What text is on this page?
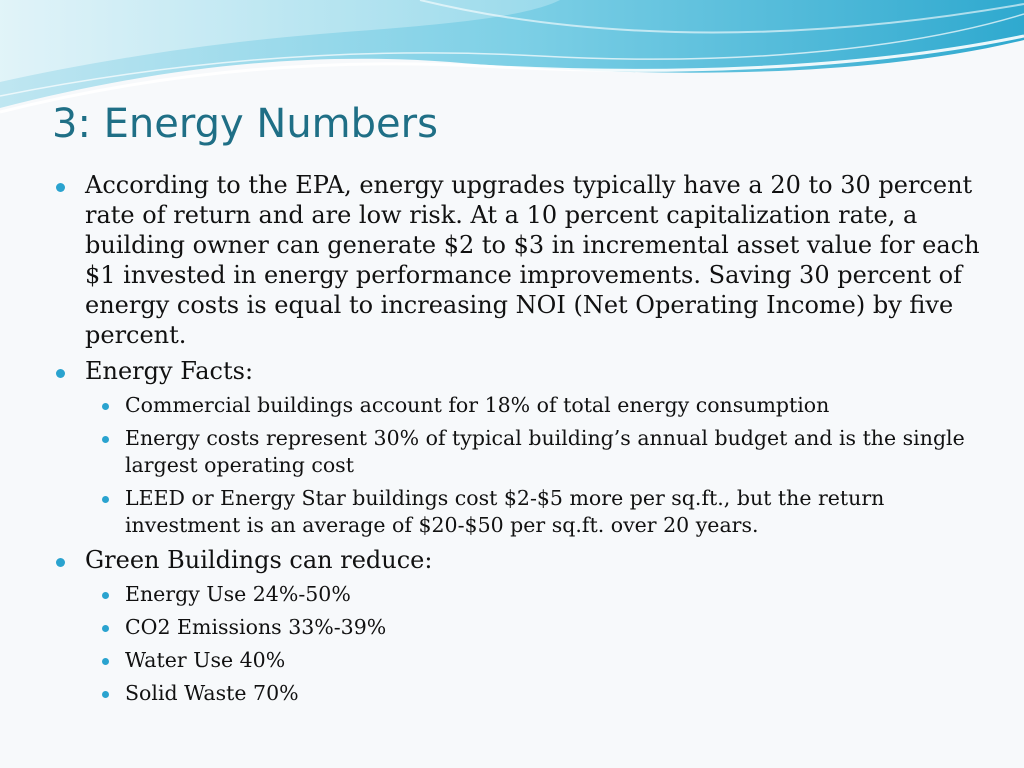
3: Energy Numbers
According to the EPA, energy upgrades typically have a 20 to 30 percent rate of return and are low risk. At a 10 percent capitalization rate, a building owner can generate $2 to $3 in incremental asset value for each $1 invested in energy performance improvements. Saving 30 percent of energy costs is equal to increasing NOI (Net Operating Income) by five percent.
Energy Facts:
Commercial buildings account for 18% of total energy consumption
Energy costs represent 30% of typical building’s annual budget and is the single largest operating cost
LEED or Energy Star buildings cost $2-$5 more per sq.ft., but the return investment is an average of $20-$50 per sq.ft. over 20 years.
Green Buildings can reduce:
Energy Use 24%-50%
CO2 Emissions 33%-39%
Water Use 40%
Solid Waste 70%
